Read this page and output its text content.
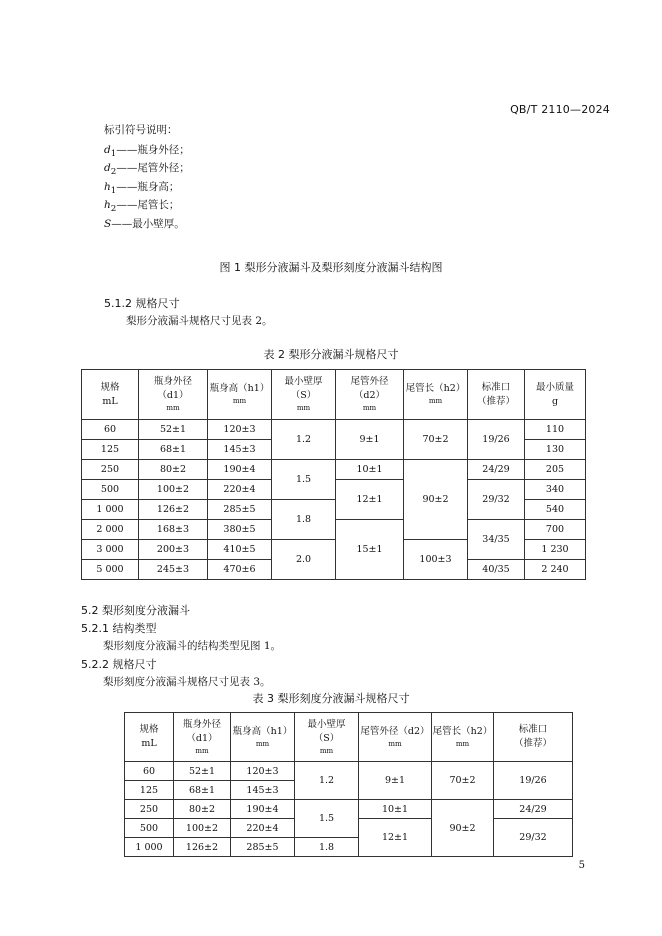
QB/T 2110—2024
标引符号说明：
$d_1——$瓶身外径；
$d_2——$尾管外径；
$h_1——$瓶身高；
$h_2——$尾管长；
S——最小壁厚。
图 1 梨形分液漏斗及梨形刻度分液漏斗结构图
5.1.2 规格尺寸
梨形分液漏斗规格尺寸见表 2。
表 2 梨形分液漏斗规格尺寸
规格
mL	瓶身外径
（d1）
mm	瓶身高（h1）
mm	最小壁厚
（S）
mm	尾管外径
（d2）
mm	尾管长（h2）
mm	标准口
（推荐）	最小质量
g
60	52±1	120±3	1.2	9±1	70±2	19/26	110
125	68±1	145±3					130
250	80±2	190±4	1.5	10±1	90±2	24/29	205
500	100±2	220±4		12±1		29/32	340
1 000	126±2	285±5	1.8				540
2 000	168±3	380±5		15±1		34/35	700
3 000	200±3	410±5	2.0		100±3		1 230
5 000	245±3	470±6				40/35	2 240
5.2 梨形刻度分液漏斗
5.2.1 结构类型
梨形刻度分液漏斗的结构类型见图 1。
5.2.2 规格尺寸
梨形刻度分液漏斗规格尺寸见表 3。
表 3 梨形刻度分液漏斗规格尺寸
规格
mL	瓶身外径
（d1）
mm	瓶身高（h1）
mm	最小壁厚
（S）
mm	尾管外径（d2）
mm	尾管长（h2）
mm	标准口
（推荐）
60	52±1	120±3	1.2	9±1	70±2	19/26
125	68±1	145±3				
250	80±2	190±4	1.5	10±1	90±2	24/29
500	100±2	220±4		12±1		29/32
1 000	126±2	285±5	1.8			
5
